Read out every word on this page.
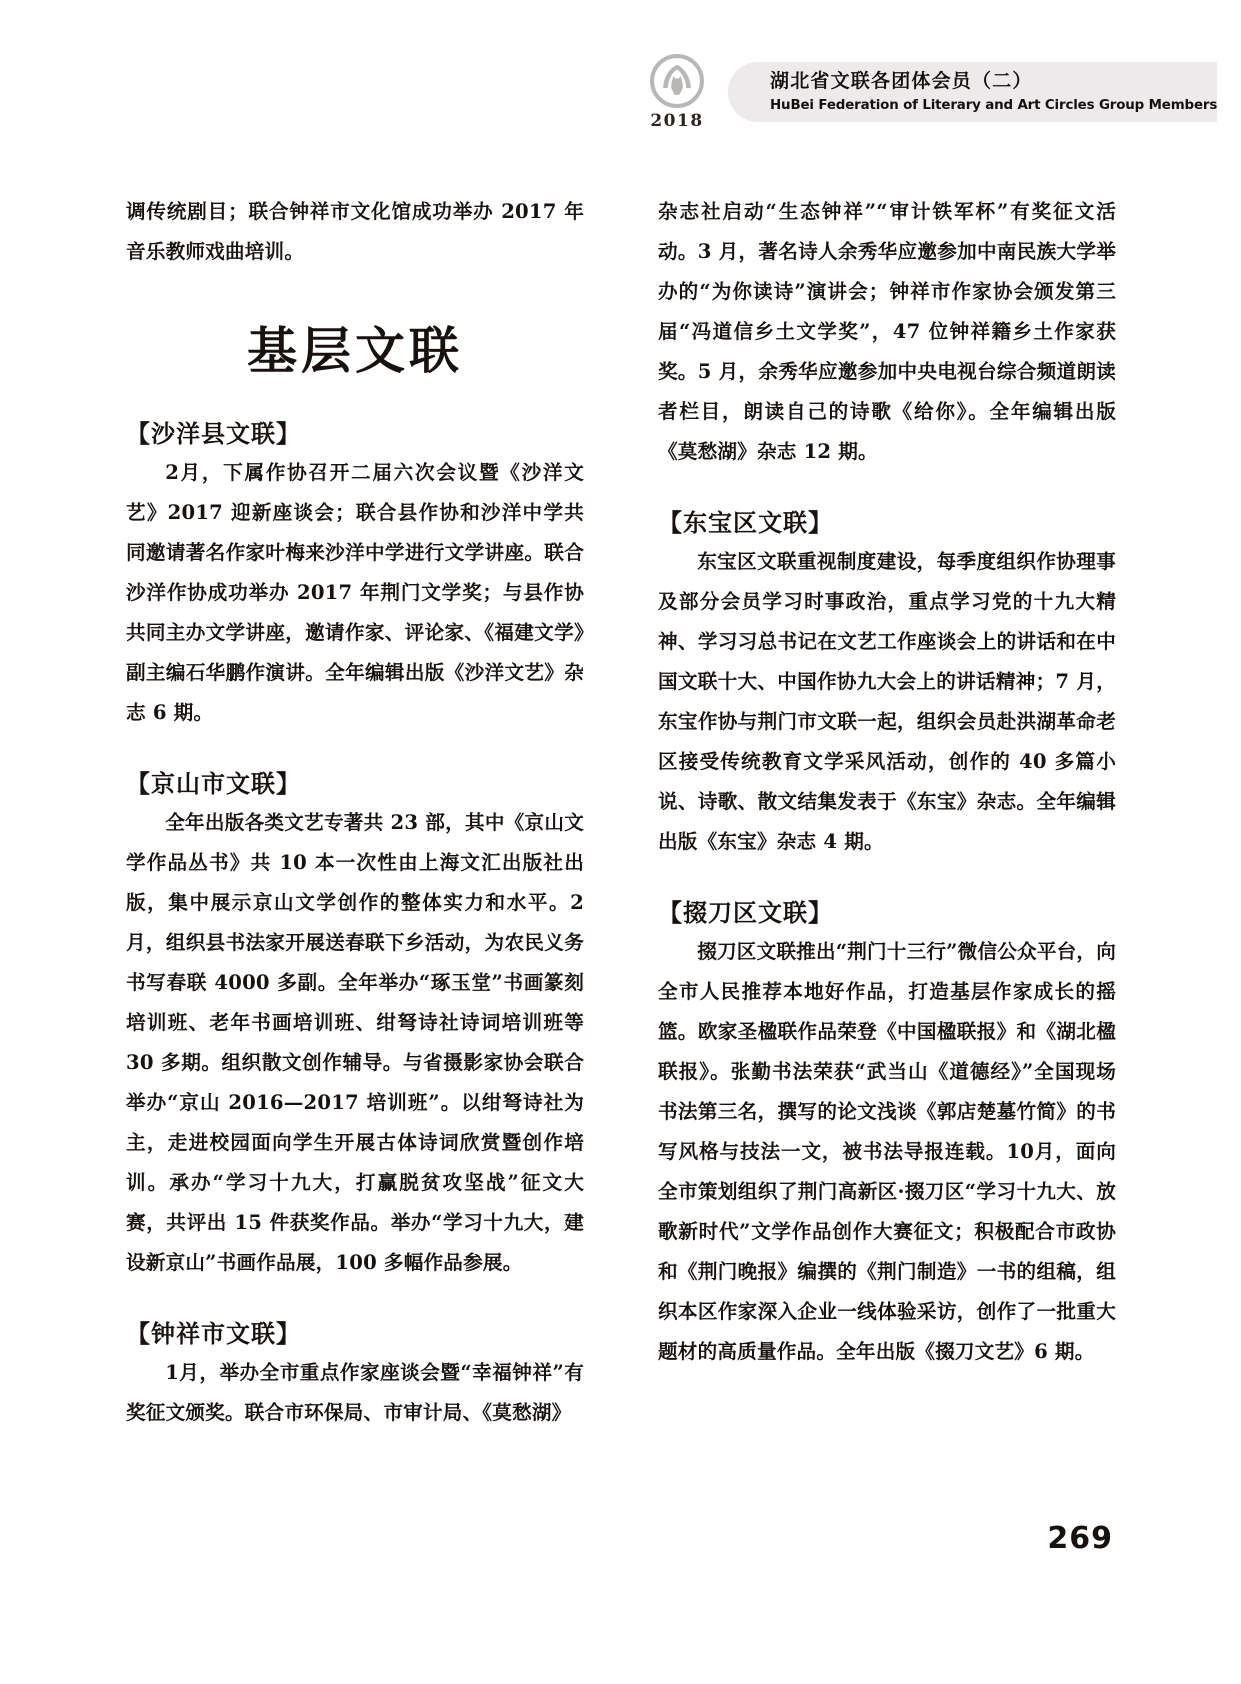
2018
湖北省文联各团体会员（二）
HuBei Federation of Literary and Art Circles Group Members

调传统剧目；联合钟祥市文化馆成功举办 2017 年音乐教师戏曲培训。

基层文联
【沙洋县文联】

2月，下属作协召开二届六次会议暨《沙洋文艺》2017 迎新座谈会；联合县作协和沙洋中学共同邀请著名作家叶梅来沙洋中学进行文学讲座。联合沙洋作协成功举办 2017 年荆门文学奖；与县作协共同主办文学讲座，邀请作家、评论家、《福建文学》副主编石华鹏作演讲。全年编辑出版《沙洋文艺》杂志 6 期。

【京山市文联】

全年出版各类文艺专著共 23 部，其中《京山文学作品丛书》共 10 本一次性由上海文汇出版社出版，集中展示京山文学创作的整体实力和水平。2月，组织县书法家开展送春联下乡活动，为农民义务书写春联 4000 多副。全年举办“琢玉堂”书画篆刻培训班、老年书画培训班、绀弩诗社诗词培训班等 30 多期。组织散文创作辅导。与省摄影家协会联合举办“京山 2016—2017 培训班”。以绀弩诗社为主，走进校园面向学生开展古体诗词欣赏暨创作培训。承办“学习十九大，打赢脱贫攻坚战”征文大赛，共评出 15 件获奖作品。举办“学习十九大，建设新京山”书画作品展，100 多幅作品参展。

【钟祥市文联】

1月，举办全市重点作家座谈会暨“幸福钟祥”有奖征文颁奖。联合市环保局、市审计局、《莫愁湖》

杂志社启动“生态钟祥”“审计铁军杯”有奖征文活动。3 月，著名诗人余秀华应邀参加中南民族大学举办的“为你读诗”演讲会；钟祥市作家协会颁发第三届“冯道信乡土文学奖”，47 位钟祥籍乡土作家获奖。5 月，余秀华应邀参加中央电视台综合频道朗读者栏目，朗读自己的诗歌《给你》。全年编辑出版《莫愁湖》杂志 12 期。

【东宝区文联】

东宝区文联重视制度建设，每季度组织作协理事及部分会员学习时事政治，重点学习党的十九大精神、学习习总书记在文艺工作座谈会上的讲话和在中国文联十大、中国作协九大会上的讲话精神；7 月，东宝作协与荆门市文联一起，组织会员赴洪湖革命老区接受传统教育文学采风活动，创作的 40 多篇小说、诗歌、散文结集发表于《东宝》杂志。全年编辑出版《东宝》杂志 4 期。

【掇刀区文联】

掇刀区文联推出“荆门十三行”微信公众平台，向全市人民推荐本地好作品，打造基层作家成长的摇篮。欧家圣楹联作品荣登《中国楹联报》和《湖北楹联报》。张勤书法荣获“武当山《道德经》”全国现场书法第三名，撰写的论文浅谈《郭店楚墓竹简》的书写风格与技法一文，被书法导报连载。10月，面向全市策划组织了荆门高新区·掇刀区“学习十九大、放歌新时代”文学作品创作大赛征文；积极配合市政协和《荆门晚报》编撰的《荆门制造》一书的组稿，组织本区作家深入企业一线体验采访，创作了一批重大题材的高质量作品。全年出版《掇刀文艺》6 期。

269
